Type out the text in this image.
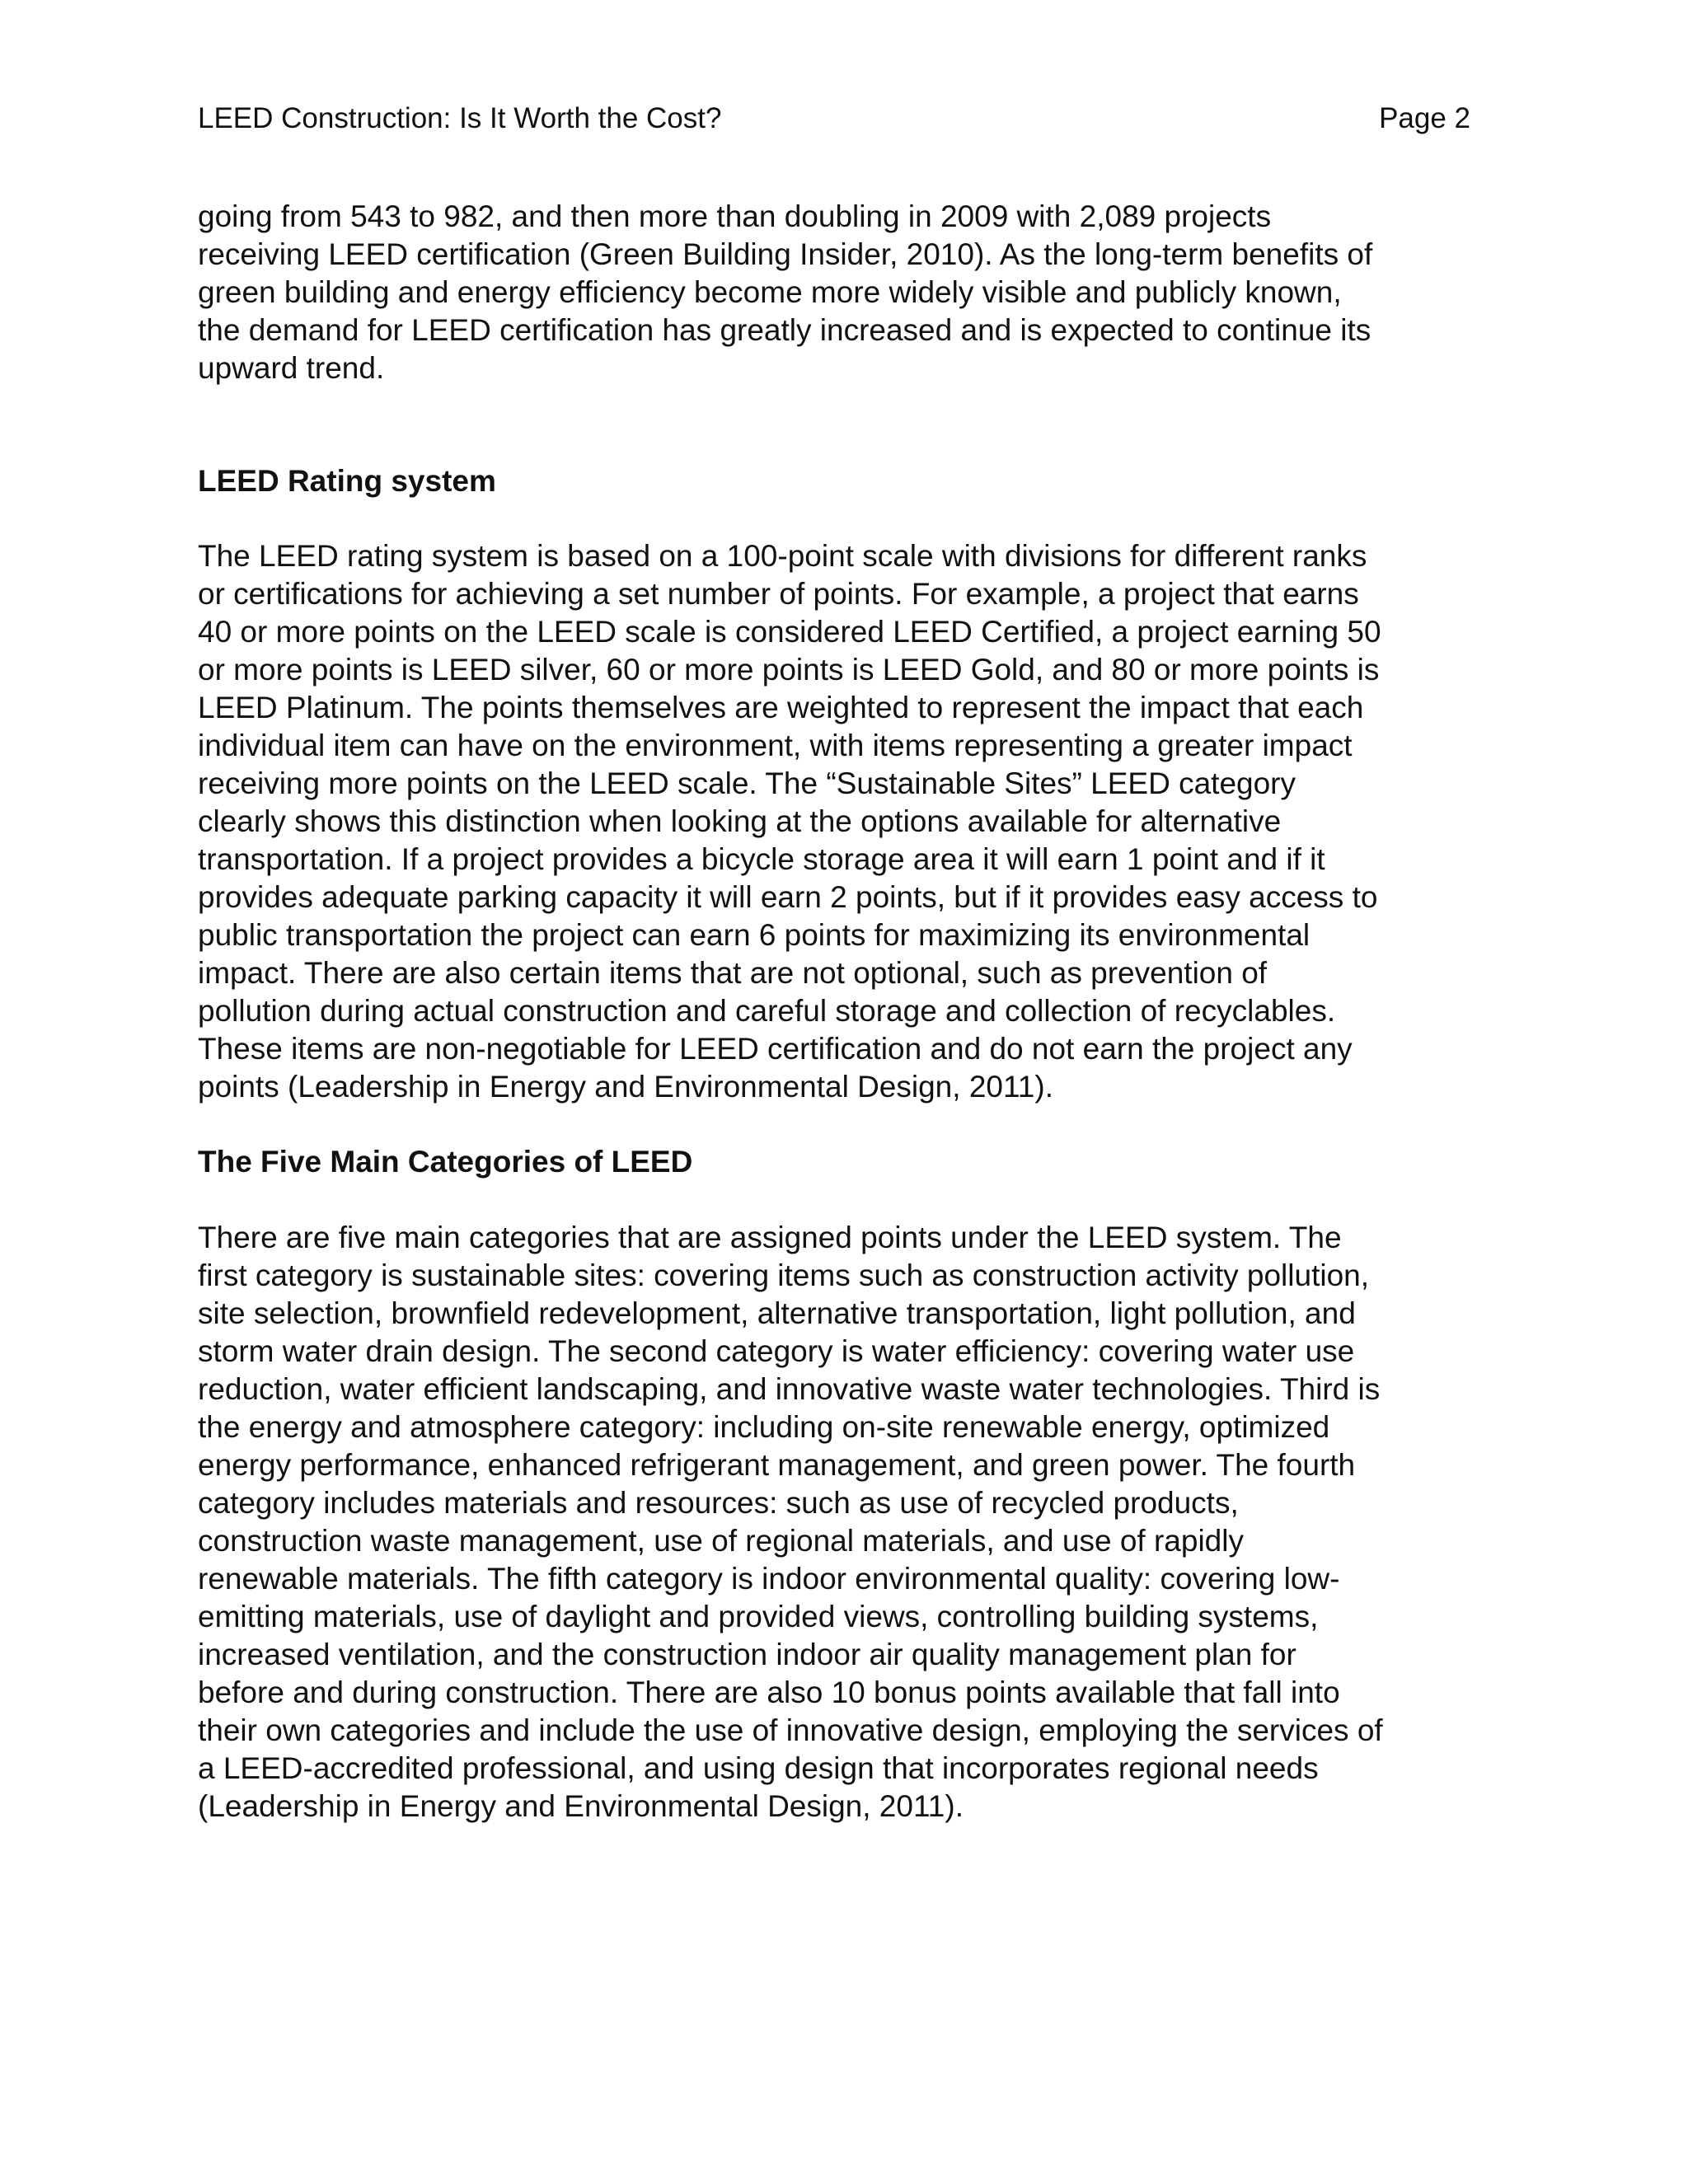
LEED Construction: Is It Worth the Cost?	Page 2
going from 543 to 982, and then more than doubling in 2009 with 2,089 projects
receiving LEED certification (Green Building Insider, 2010). As the long-term benefits of
green building and energy efficiency become more widely visible and publicly known,
the demand for LEED certification has greatly increased and is expected to continue its
upward trend.
LEED Rating system
The LEED rating system is based on a 100-point scale with divisions for different ranks
or certifications for achieving a set number of points. For example, a project that earns
40 or more points on the LEED scale is considered LEED Certified, a project earning 50
or more points is LEED silver, 60 or more points is LEED Gold, and 80 or more points is
LEED Platinum. The points themselves are weighted to represent the impact that each
individual item can have on the environment, with items representing a greater impact
receiving more points on the LEED scale. The “Sustainable Sites” LEED category
clearly shows this distinction when looking at the options available for alternative
transportation. If a project provides a bicycle storage area it will earn 1 point and if it
provides adequate parking capacity it will earn 2 points, but if it provides easy access to
public transportation the project can earn 6 points for maximizing its environmental
impact. There are also certain items that are not optional, such as prevention of
pollution during actual construction and careful storage and collection of recyclables.
These items are non-negotiable for LEED certification and do not earn the project any
points (Leadership in Energy and Environmental Design, 2011).
The Five Main Categories of LEED
There are five main categories that are assigned points under the LEED system. The
first category is sustainable sites: covering items such as construction activity pollution,
site selection, brownfield redevelopment, alternative transportation, light pollution, and
storm water drain design. The second category is water efficiency: covering water use
reduction, water efficient landscaping, and innovative waste water technologies. Third is
the energy and atmosphere category: including on-site renewable energy, optimized
energy performance, enhanced refrigerant management, and green power. The fourth
category includes materials and resources: such as use of recycled products,
construction waste management, use of regional materials, and use of rapidly
renewable materials. The fifth category is indoor environmental quality: covering low-
emitting materials, use of daylight and provided views, controlling building systems,
increased ventilation, and the construction indoor air quality management plan for
before and during construction. There are also 10 bonus points available that fall into
their own categories and include the use of innovative design, employing the services of
a LEED-accredited professional, and using design that incorporates regional needs
(Leadership in Energy and Environmental Design, 2011).
